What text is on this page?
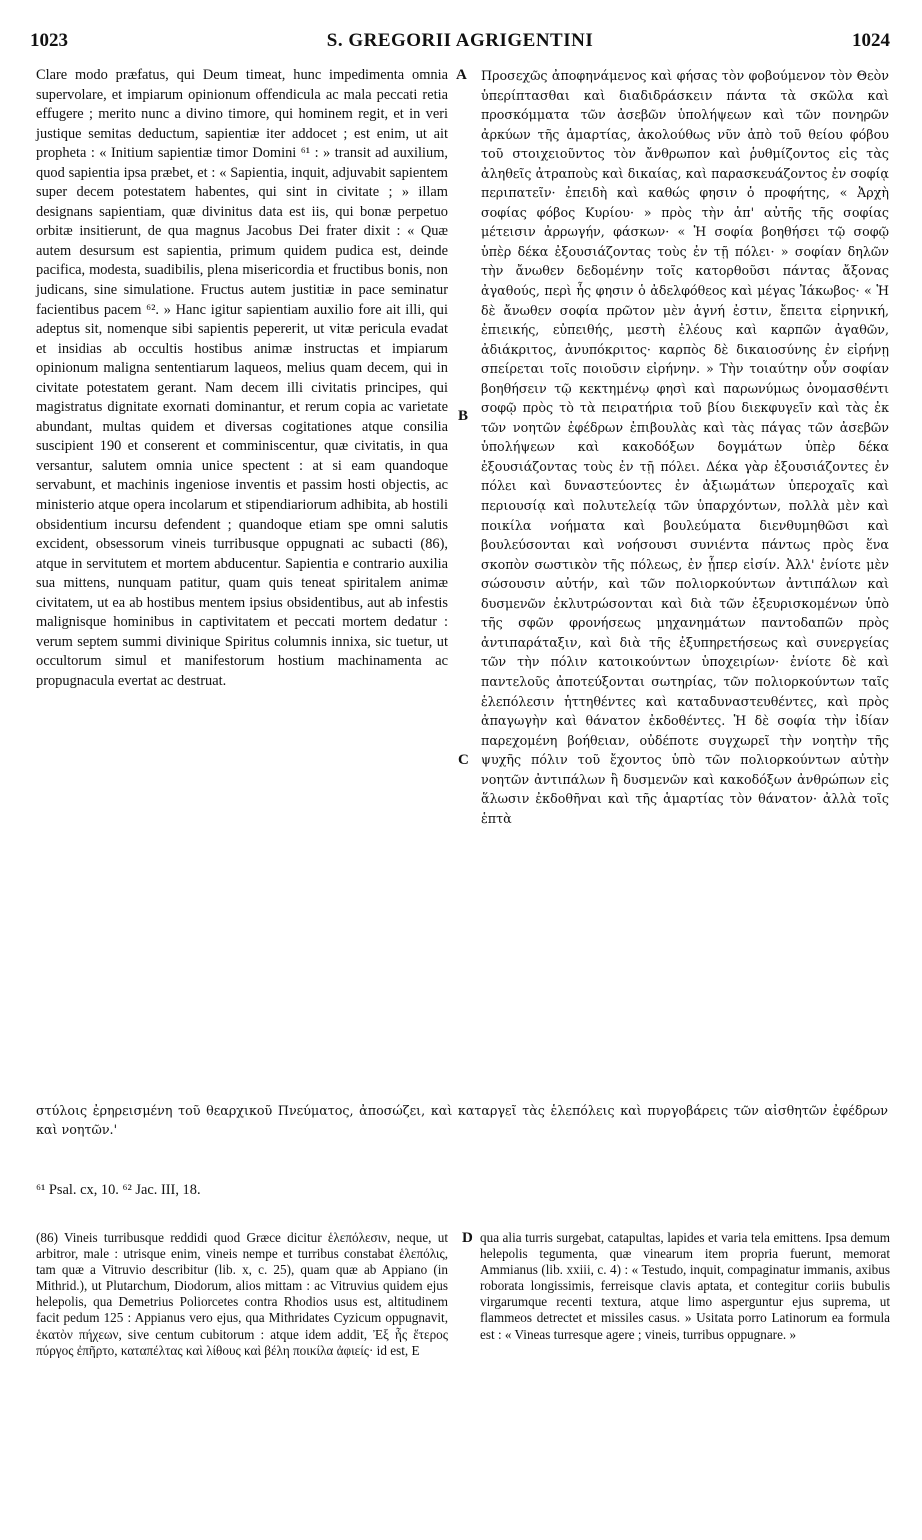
1023	S. GREGORII AGRIGENTINI	1024

Clare modo præfatus, qui Deum timeat, hunc impedimenta omnia supervolare, et impiarum opinionum offendicula ac mala peccati retia effugere ; merito nunc a divino timore, qui hominem regit, et in veri justique semitas deductum, sapientiæ iter addocet ; est enim, ut ait propheta : « Initium sapientiæ timor Domini ⁶¹ : » transit ad auxilium, quod sapientia ipsa præbet, et : « Sapientia, inquit, adjuvabit sapientem super decem potestatem habentes, qui sint in civitate ; » illam designans sapientiam, quæ divinitus data est iis, qui bonæ perpetuo orbitæ insitierunt, de qua magnus Jacobus Dei frater dixit : « Quæ autem desursum est sapientia, primum quidem pudica est, deinde pacifica, modesta, suadibilis, plena misericordia et fructibus bonis, non judicans, sine simulatione. Fructus autem justitiæ in pace seminatur facientibus pacem ⁶². » Hanc igitur sapientiam auxilio fore ait illi, qui adeptus sit, nomenque sibi sapientis pepererit, ut vitæ pericula evadat et insidias ab occultis hostibus animæ instructas et impiarum opinionum maligna sententiarum laqueos, melius quam decem, qui in civitate potestatem gerant. Nam decem illi civitatis principes, qui magistratus dignitate exornati dominantur, et rerum copia ac varietate abundant, multas quidem et diversas cogitationes atque consilia suscipient 190 et conserent et comminiscentur, quæ civitatis, in qua versantur, salutem omnia unice spectent : at si eam quandoque servabunt, et machinis ingeniose inventis et passim hosti objectis, ac ministerio atque opera incolarum et stipendiariorum adhibita, ab hostili obsidentium incursu defendent ; quandoque etiam spe omni salutis excident, obsessorum vineis turribusque oppugnati ac subacti (86), atque in servitutem et mortem abducentur. Sapientia e contrario auxilia sua mittens, nunquam patitur, quam quis teneat spiritalem animæ civitatem, ut ea ab hostibus mentem ipsius obsidentibus, aut ab infestis malignisque hominibus in captivitatem et peccati mortem dedatur : verum septem summi divinique Spiritus columnis innixa, sic tuetur, ut occultorum simul et manifestorum hostium machinamenta ac propugnacula evertat ac destruat.

A
B
C
D

Προσεχῶς ἀποφηνάμενος καὶ φήσας τὸν φοβούμενον τὸν Θεὸν ὑπερίπτασθαι καὶ διαδιδράσκειν πάντα τὰ σκῶλα καὶ προσκόμματα τῶν ἀσεβῶν ὑπολήψεων καὶ τῶν πονηρῶν ἀρκύων τῆς ἁμαρτίας, ἀκολούθως νῦν ἀπὸ τοῦ θείου φόβου τοῦ στοιχειοῦντος τὸν ἄνθρωπον καὶ ῥυθμίζοντος εἰς τὰς ἀληθεῖς ἀτραποὺς καὶ δικαίας, καὶ παρασκευάζοντος ἐν σοφίᾳ περιπατεῖν· ἐπειδὴ καὶ καθώς φησιν ὁ προφήτης, « Ἀρχὴ σοφίας φόβος Κυρίου· » πρὸς τὴν ἀπ' αὐτῆς τῆς σοφίας μέτεισιν ἀρρωγήν, φάσκων· « Ἡ σοφία βοηθήσει τῷ σοφῷ ὑπὲρ δέκα ἐξουσιάζοντας τοὺς ἐν τῇ πόλει· » σοφίαν δηλῶν τὴν ἄνωθεν δεδομένην τοῖς κατορθοῦσι πάντας ἄξονας ἀγαθούς, περὶ ἧς φησιν ὁ ἀδελφόθεος καὶ μέγας Ἰάκωβος· « Ἡ δὲ ἄνωθεν σοφία πρῶτον μὲν ἁγνή ἐστιν, ἔπειτα εἰρηνική, ἐπιεικής, εὐπειθής, μεστὴ ἐλέους καὶ καρπῶν ἀγαθῶν, ἀδιάκριτος, ἀνυπόκριτος· καρπὸς δὲ δικαιοσύνης ἐν εἰρήνῃ σπείρεται τοῖς ποιοῦσιν εἰρήνην. » Τὴν τοιαύτην οὖν σοφίαν βοηθήσειν τῷ κεκτημένῳ φησὶ καὶ παρωνύμως ὀνομασθέντι σοφῷ πρὸς τὸ τὰ πειρατήρια τοῦ βίου διεκφυγεῖν καὶ τὰς ἐκ τῶν νοητῶν ἐφέδρων ἐπιβουλὰς καὶ τὰς πάγας τῶν ἀσεβῶν ὑπολήψεων καὶ κακοδόξων δογμάτων ὑπὲρ δέκα ἐξουσιάζοντας τοὺς ἐν τῇ πόλει. Δέκα γὰρ ἐξουσιάζοντες ἐν πόλει καὶ δυναστεύοντες ἐν ἀξιωμάτων ὑπεροχαῖς καὶ περιουσίᾳ καὶ πολυτελείᾳ τῶν ὑπαρχόντων, πολλὰ μὲν καὶ ποικίλα νοήματα καὶ βουλεύματα διενθυμηθῶσι καὶ βουλεύσονται καὶ νοήσουσι συνιέντα πάντως πρὸς ἕνα σκοπὸν σωστικὸν τῆς πόλεως, ἐν ᾗπερ εἰσίν. Ἀλλ' ἐνίοτε μὲν σώσουσιν αὐτήν, καὶ τῶν πολιορκούντων ἀντιπάλων καὶ δυσμενῶν ἐκλυτρώσονται καὶ διὰ τῶν ἐξευρισκομένων ὑπὸ τῆς σφῶν φρονήσεως μηχανημάτων παντοδαπῶν πρὸς ἀντιπαράταξιν, καὶ διὰ τῆς ἐξυπηρετήσεως καὶ συνεργείας τῶν τὴν πόλιν κατοικούντων ὑποχειρίων· ἐνίοτε δὲ καὶ παντελοῦς ἀποτεύξονται σωτηρίας, τῶν πολιορκούντων ταῖς ἑλεπόλεσιν ἡττηθέντες καὶ καταδυναστευθέντες, καὶ πρὸς ἀπαγωγὴν καὶ θάνατον ἐκδοθέντες. Ἡ δὲ σοφία τὴν ἰδίαν παρεχομένη βοήθειαν, οὐδέποτε συγχωρεῖ τὴν νοητὴν τῆς ψυχῆς πόλιν τοῦ ἔχοντος ὑπὸ τῶν πολιορκούντων αὐτὴν νοητῶν ἀντιπάλων ἢ δυσμενῶν καὶ κακοδόξων ἀνθρώπων εἰς ἅλωσιν ἐκδοθῆναι καὶ τῆς ἁμαρτίας τὸν θάνατον· ἀλλὰ τοῖς ἑπτὰ

στύλοις ἐρηρεισμένη τοῦ θεαρχικοῦ Πνεύματος, ἀποσώζει, καὶ καταργεῖ τὰς ἑλεπόλεις καὶ πυργοβάρεις τῶν αἰσθητῶν ἐφέδρων καὶ νοητῶν.'
⁶¹ Psal. cx, 10. ⁶² Jac. III, 18.
(86) Vineis turribusque reddidi quod Græce dicitur ἑλεπόλεσιν, neque, ut arbitror, male : utrisque enim, vineis nempe et turribus constabat ἑλεπόλις, tam quæ a Vitruvio describitur (lib. x, c. 25), quam quæ ab Appiano (in Mithrid.), ut Plutarchum, Diodorum, alios mittam : ac Vitruvius quidem ejus helepolis, qua Demetrius Poliorcetes contra Rhodios usus est, altitudinem facit pedum 125 : Appianus vero ejus, qua Mithridates Cyzicum oppugnavit, ἑκατὸν πήχεων, sive centum cubitorum : atque idem addit, Ἐξ ἧς ἕτερος πύργος ἐπῆρτο, καταπέλτας καὶ λίθους καὶ βέλη ποικίλα ἀφιείς· id est, E
qua alia turris surgebat, catapultas, lapides et varia tela emittens. Ipsa demum helepolis tegumenta, quæ vinearum item propria fuerunt, memorat Ammianus (lib. xxiii, c. 4) : « Testudo, inquit, compaginatur immanis, axibus roborata longissimis, ferreisque clavis aptata, et contegitur coriis bubulis virgarumque recenti textura, atque limo asperguntur ejus suprema, ut flammeos detrectet et missiles casus. » Usitata porro Latinorum ea formula est : « Vineas turresque agere ; vineis, turribus oppugnare. »
